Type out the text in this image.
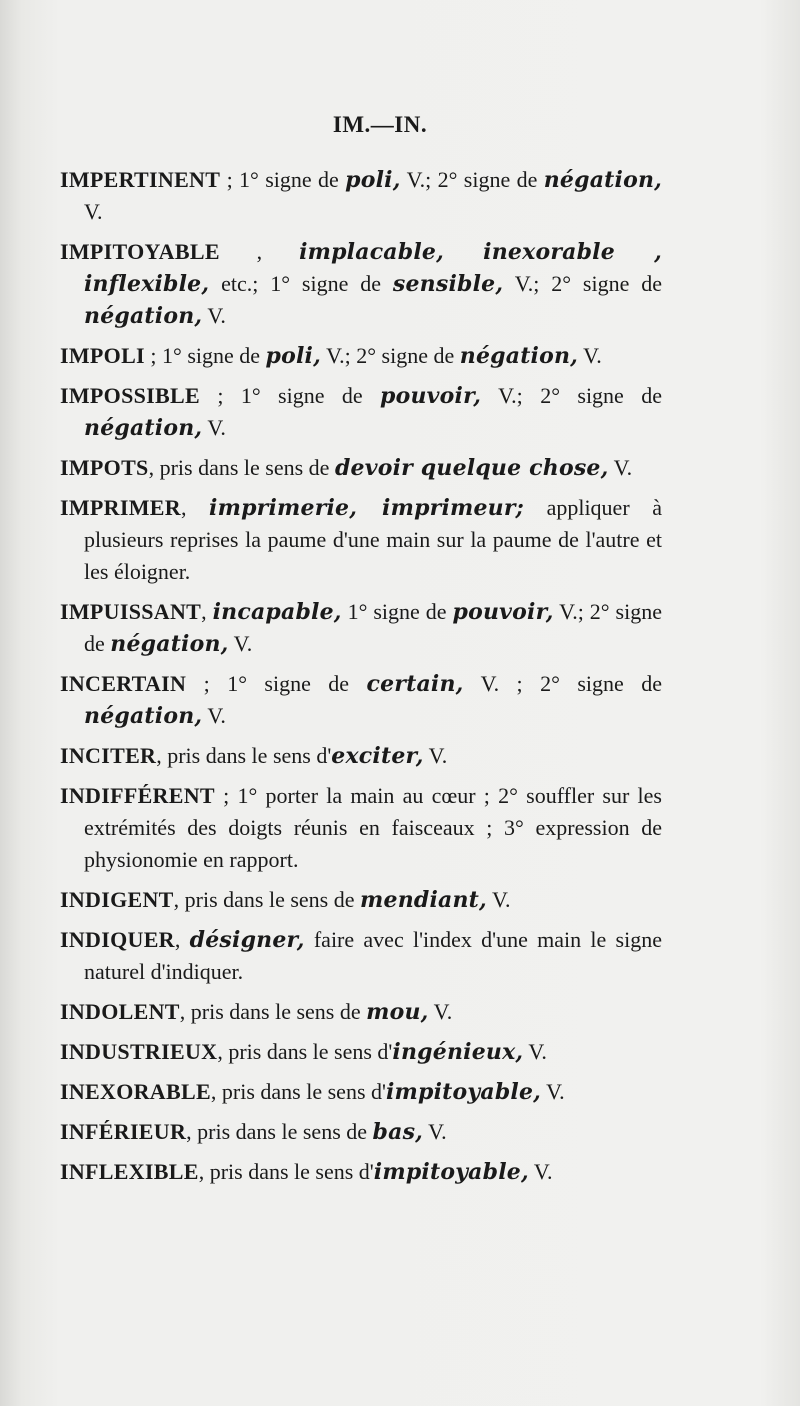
IM.—IN.

IMPERTINENT ; 1° signe de poli, V.; 2° signe de négation, V.

IMPITOYABLE , implacable, inexorable , inflexible, etc.; 1° signe de sensible, V.; 2° signe de négation, V.

IMPOLI ; 1° signe de poli, V.; 2° signe de négation, V.

IMPOSSIBLE ; 1° signe de pouvoir, V.; 2° signe de négation, V.

IMPOTS, pris dans le sens de devoir quelque chose, V.

IMPRIMER, imprimerie, imprimeur; appliquer à plusieurs reprises la paume d'une main sur la paume de l'autre et les éloigner.

IMPUISSANT, incapable, 1° signe de pouvoir, V.; 2° signe de négation, V.

INCERTAIN ; 1° signe de certain, V. ; 2° signe de négation, V.

INCITER, pris dans le sens d'exciter, V.

INDIFFÉRENT ; 1° porter la main au cœur ; 2° souffler sur les extrémités des doigts réunis en faisceaux ; 3° expression de physionomie en rapport.

INDIGENT, pris dans le sens de mendiant, V.

INDIQUER, désigner, faire avec l'index d'une main le signe naturel d'indiquer.

INDOLENT, pris dans le sens de mou, V.

INDUSTRIEUX, pris dans le sens d'ingénieux, V.

INEXORABLE, pris dans le sens d'impitoyable, V.

INFÉRIEUR, pris dans le sens de bas, V.

INFLEXIBLE, pris dans le sens d'impitoyable, V.
